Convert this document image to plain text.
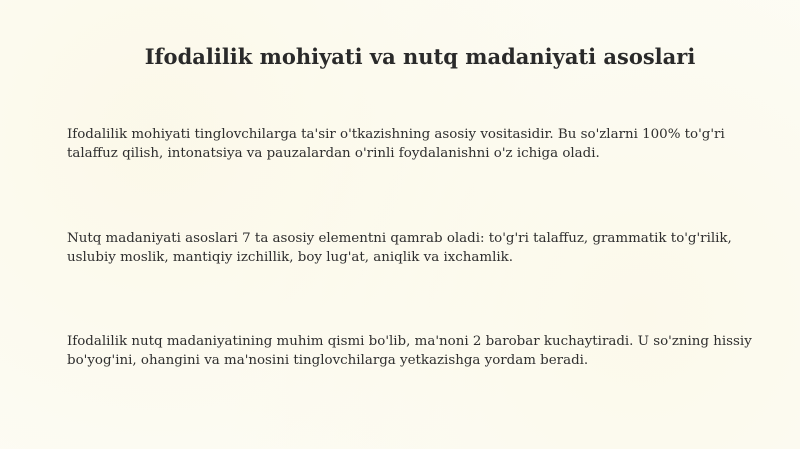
Ifodalilik mohiyati va nutq madaniyati asoslari

Ifodalilik mohiyati tinglovchilarga ta'sir o'tkazishning asosiy vositasidir. Bu so'zlarni 100% to'g'ri talaffuz qilish, intonatsiya va pauzalardan o'rinli foydalanishni o'z ichiga oladi.

Nutq madaniyati asoslari 7 ta asosiy elementni qamrab oladi: to'g'ri talaffuz, grammatik to'g'rilik, uslubiy moslik, mantiqiy izchillik, boy lug'at, aniqlik va ixchamlik.

Ifodalilik nutq madaniyatining muhim qismi bo'lib, ma'noni 2 barobar kuchaytiradi. U so'zning hissiy bo'yog'ini, ohangini va ma'nosini tinglovchilarga yetkazishga yordam beradi.
